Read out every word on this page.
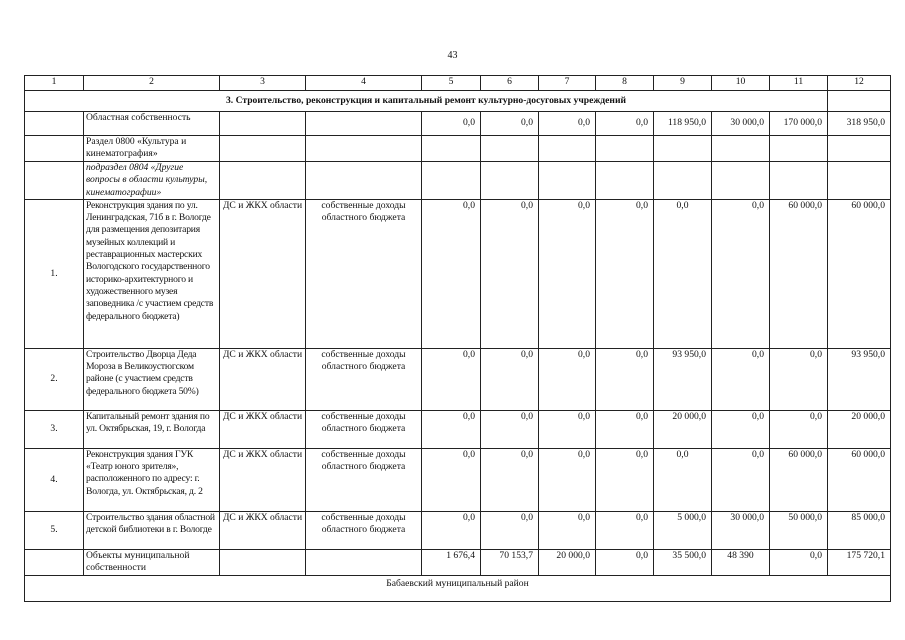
43
1	2	3	4	5	6	7	8	9	10	11	12
3. Строительство, реконструкция и капитальный ремонт культурно-досуговых учреждений											
	Областная собственность			0,0	0,0	0,0	0,0	118 950,0	30 000,0	170 000,0	318 950,0
	Раздел 0800 «Культура и кинематография»										
	подраздел 0804 «Другие вопросы в области культуры, кинематографии»										
1.	Реконструкция здания по ул. Ленинградская, 71б в г. Вологде для размещения депозитария музейных коллекций и реставрационных мастерских Вологодского государственного историко-архитектурного и художественного музея заповедника /с участием средств федерального бюджета)	ДС и ЖКХ области	собственные доходы областного бюджета	0,0	0,0	0,0	0,0	0,0	0,0	60 000,0	60 000,0
2.	Строительство Дворца Деда Мороза в Великоустюгском районе (с участием средств федерального бюджета 50%)	ДС и ЖКХ области	собственные доходы областного бюджета	0,0	0,0	0,0	0,0	93 950,0	0,0	0,0	93 950,0
3.	Капитальный ремонт здания по ул. Октябрьская, 19, г. Вологда	ДС и ЖКХ области	собственные доходы областного бюджета	0,0	0,0	0,0	0,0	20 000,0	0,0	0,0	20 000,0
4.	Реконструкция здания ГУК «Театр юного зрителя», расположенного по адресу: г. Вологда, ул. Октябрьская, д. 2	ДС и ЖКХ области	собственные доходы областного бюджета	0,0	0,0	0,0	0,0	0,0	0,0	60 000,0	60 000,0
5.	Строительство здания областной детской библиотеки в г. Вологде	ДС и ЖКХ области	собственные доходы областного бюджета	0,0	0,0	0,0	0,0	5 000,0	30 000,0	50 000,0	85 000,0
	Объекты муниципальной собственности			1 676,4	70 153,7	20 000,0	0,0	35 500,0	48 390	0,0	175 720,1
Бабаевский муниципальный район											
